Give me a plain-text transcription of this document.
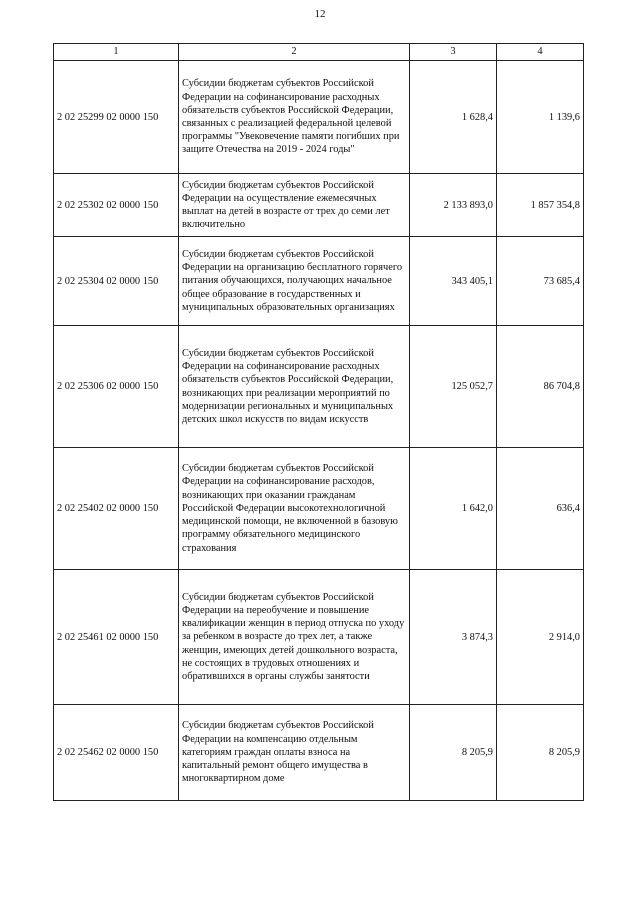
12
1	2	3	4
2 02 25299 02 0000 150	Субсидии бюджетам субъектов Российской Федерации на софинансирование расходных обязательств субъектов Российской Федерации, связанных с реализацией федеральной целевой программы "Увековечение памяти погибших при защите Отечества на 2019 - 2024 годы"	1 628,4	1 139,6
2 02 25302 02 0000 150	Субсидии бюджетам субъектов Российской Федерации на осуществление ежемесячных выплат на детей в возрасте от трех до семи лет включительно	2 133 893,0	1 857 354,8
2 02 25304 02 0000 150	Субсидии бюджетам субъектов Российской Федерации на организацию бесплатного горячего питания обучающихся, получающих начальное общее образование в государственных и муниципальных образовательных организациях	343 405,1	73 685,4
2 02 25306 02 0000 150	Субсидии бюджетам субъектов Российской Федерации на софинансирование расходных обязательств субъектов Российской Федерации, возникающих при реализации мероприятий по модернизации региональных и муниципальных детских школ искусств по видам искусств	125 052,7	86 704,8
2 02 25402 02 0000 150	Субсидии бюджетам субъектов Российской Федерации на софинансирование расходов, возникающих при оказании гражданам Российской Федерации высокотехнологичной медицинской помощи, не включенной в базовую программу обязательного медицинского страхования	1 642,0	636,4
2 02 25461 02 0000 150	Субсидии бюджетам субъектов Российской Федерации на переобучение и повышение квалификации женщин в период отпуска по уходу за ребенком в возрасте до трех лет, а также женщин, имеющих детей дошкольного возраста, не состоящих в трудовых отношениях и обратившихся в органы службы занятости	3 874,3	2 914,0
2 02 25462 02 0000 150	Субсидии бюджетам субъектов Российской Федерации на компенсацию отдельным категориям граждан оплаты взноса на капитальный ремонт общего имущества в многоквартирном доме	8 205,9	8 205,9
